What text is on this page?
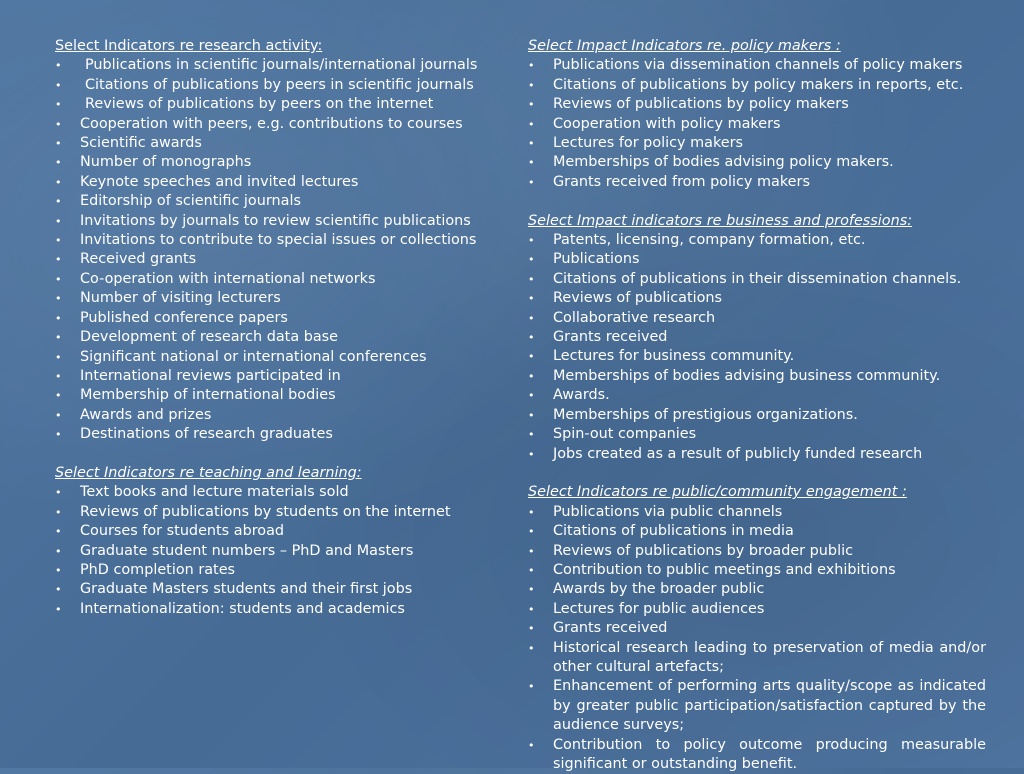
Select Indicators re research activity:

• Publications in scientific journals/international journals
• Citations of publications by peers in scientific journals
• Reviews of publications by peers on the internet
• Cooperation with peers, e.g. contributions to courses
• Scientific awards
• Number of monographs
• Keynote speeches and invited lectures
• Editorship of scientific journals
• Invitations by journals to review scientific publications
• Invitations to contribute to special issues or collections
• Received grants
• Co-operation with international networks
• Number of visiting lecturers
• Published conference papers
• Development of research data base
• Significant national or international conferences
• International reviews participated in
• Membership of international bodies
• Awards and prizes
• Destinations of research graduates

Select Indicators re teaching and learning:

• Text books and lecture materials sold
• Reviews of publications by students on the internet
• Courses for students abroad
• Graduate student numbers – PhD and Masters
• PhD completion rates
• Graduate Masters students and their first jobs
• Internationalization: students and academics

Select Impact Indicators re. policy makers :

• Publications via dissemination channels of policy makers
• Citations of publications by policy makers in reports, etc.
• Reviews of publications by policy makers
• Cooperation with policy makers
• Lectures for policy makers
• Memberships of bodies advising policy makers.
• Grants received from policy makers

Select Impact indicators re business and professions:

• Patents, licensing, company formation, etc.
• Publications
• Citations of publications in their dissemination channels.
• Reviews of publications
• Collaborative research
• Grants received
• Lectures for business community.
• Memberships of bodies advising business community.
• Awards.
• Memberships of prestigious organizations.
• Spin-out companies
• Jobs created as a result of publicly funded research

Select Indicators re public/community engagement :

• Publications via public channels
• Citations of publications in media
• Reviews of publications by broader public
• Contribution to public meetings and exhibitions
• Awards by the broader public
• Lectures for public audiences
• Grants received
• Historical research leading to preservation of media and/or other cultural artefacts;
• Enhancement of performing arts quality/scope as indicated by greater public participation/satisfaction captured by the audience surveys;
• Contribution to policy outcome producing measurable significant or outstanding benefit.
